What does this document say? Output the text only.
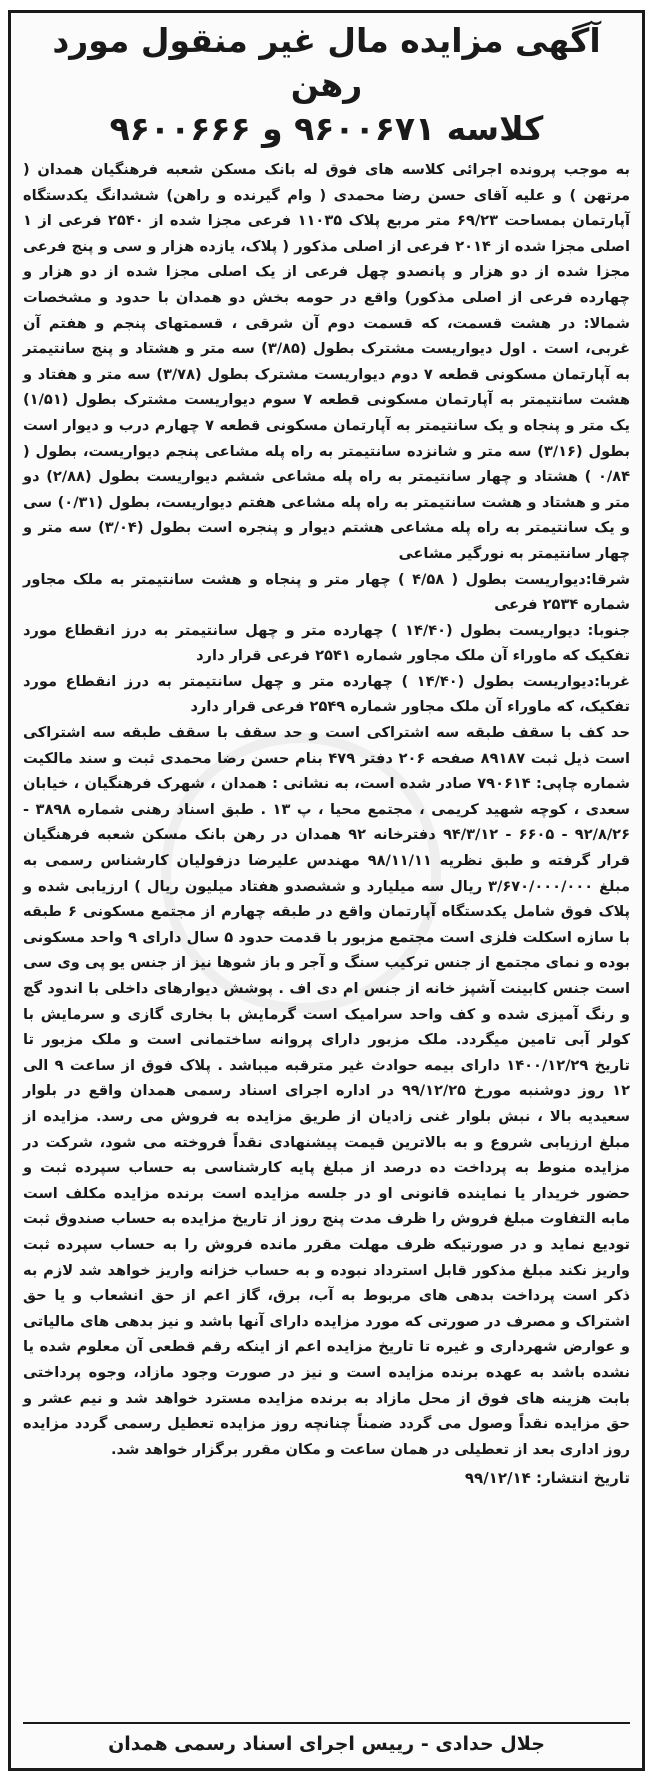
آگهی مزایده مال غیر منقول مورد رهن
کلاسه ۹۶۰۰۶۷۱ و ۹۶۰۰۶۶۶

به موجب پرونده اجرائی کلاسه های فوق له بانک مسکن شعبه فرهنگیان همدان ( مرتهن ) و علیه آقای حسن رضا محمدی ( وام گیرنده و راهن) ششدانگ یکدستگاه آپارتمان بمساحت ۶۹/۲۳ متر مربع پلاک ۱۱۰۳۵ فرعی مجزا شده از ۲۵۴۰ فرعی از ۱ اصلی مجزا شده از ۲۰۱۴ فرعی از اصلی مذکور ( پلاک، یازده هزار و سی و پنج فرعی مجزا شده از دو هزار و پانصدو چهل فرعی از یک اصلی مجزا شده از دو هزار و چهارده فرعی از اصلی مذکور) واقع در حومه بخش دو همدان با حدود و مشخصات شمالا: در هشت قسمت، که قسمت دوم آن شرقی ، قسمتهای پنجم و هفتم آن غربی، است . اول دیواریست مشترک بطول (۳/۸۵) سه متر و هشتاد و پنج سانتیمتر به آپارتمان مسکونی قطعه ۷ دوم دیواریست مشترک بطول (۳/۷۸) سه متر و هفتاد و هشت سانتیمتر به آپارتمان مسکونی قطعه ۷ سوم دیواریست مشترک بطول (۱/۵۱) یک متر و پنجاه و یک سانتیمتر به آپارتمان مسکونی قطعه ۷ چهارم درب و دیوار است بطول (۳/۱۶) سه متر و شانزده سانتیمتر به راه پله مشاعی پنجم دیواریست، بطول ( ۰/۸۴ ) هشتاد و چهار سانتیمتر به راه پله مشاعی ششم دیواریست بطول (۲/۸۸) دو متر و هشتاد و هشت سانتیمتر به راه پله مشاعی هفتم دیواریست، بطول (۰/۳۱) سی و یک سانتیمتر به راه پله مشاعی هشتم دیوار و پنجره است بطول (۳/۰۴) سه متر و چهار سانتیمتر به نورگیر مشاعی

شرقا:دیواریست بطول ( ۴/۵۸ ) چهار متر و پنجاه و هشت سانتیمتر به ملک مجاور شماره ۲۵۳۴ فرعی

جنوبا: دیواریست بطول (۱۴/۴۰ ) چهارده متر و چهل سانتیمتر به درز انقطاع مورد تفکیک که ماوراء آن ملک مجاور شماره ۲۵۴۱ فرعی قرار دارد

غربا:دیواریست بطول (۱۴/۴۰ ) چهارده متر و چهل سانتیمتر به درز انقطاع مورد تفکیک، که ماوراء آن ملک مجاور شماره ۲۵۴۹ فرعی قرار دارد

حد کف با سقف طبقه سه اشتراکی است و حد سقف با سقف طبقه سه اشتراکی است ذیل ثبت ۸۹۱۸۷ صفحه ۲۰۶ دفتر ۴۷۹ بنام حسن رضا محمدی ثبت و سند مالکیت شماره چاپی: ۷۹۰۶۱۴ صادر شده است، به نشانی : همدان ، شهرک فرهنگیان ، خیابان سعدی ، کوچه شهید کریمی ، مجتمع محیا ، پ ۱۳ . طبق اسناد رهنی شماره ۳۸۹۸ - ۹۲/۸/۲۶ - ۶۶۰۵ - ۹۴/۳/۱۲ دفترخانه ۹۲ همدان در رهن بانک مسکن شعبه فرهنگیان قرار گرفته و طبق نظریه ۹۸/۱۱/۱۱ مهندس علیرضا دزفولیان کارشناس رسمی به مبلغ ۳/۶۷۰/۰۰۰/۰۰۰ ریال سه میلیارد و ششصدو هفتاد میلیون ریال ) ارزیابی شده و پلاک فوق شامل یکدستگاه آپارتمان واقع در طبقه چهارم از مجتمع مسکونی ۶ طبقه با سازه اسکلت فلزی است مجتمع مزبور با قدمت حدود ۵ سال دارای ۹ واحد مسکونی بوده و نمای مجتمع از جنس ترکیب سنگ و آجر و باز شوها نیز از جنس یو پی وی سی است جنس کابینت آشپز خانه از جنس ام دی اف . پوشش دیوارهای داخلی با اندود گچ و رنگ آمیزی شده و کف واحد سرامیک است گرمایش با بخاری گازی و سرمایش با کولر آبی تامین میگردد. ملک مزبور دارای پروانه ساختمانی است و ملک مزبور تا تاریخ ۱۴۰۰/۱۲/۲۹ دارای بیمه حوادث غیر مترقبه میباشد . پلاک فوق از ساعت ۹ الی ۱۲ روز دوشنبه مورخ ۹۹/۱۲/۲۵ در اداره اجرای اسناد رسمی همدان واقع در بلوار سعیدیه بالا ، نبش بلوار غنی زادیان از طریق مزایده به فروش می رسد. مزایده از مبلغ ارزیابی شروع و به بالاترین قیمت پیشنهادی نقداً فروخته می شود، شرکت در مزایده منوط به پرداخت ده درصد از مبلغ پایه کارشناسی به حساب سپرده ثبت و حضور خریدار یا نماینده قانونی او در جلسه مزایده است برنده مزایده مکلف است مابه التفاوت مبلغ فروش را ظرف مدت پنج روز از تاریخ مزایده به حساب صندوق ثبت تودیع نماید و در صورتیکه ظرف مهلت مقرر مانده فروش را به حساب سپرده ثبت واریز نکند مبلغ مذکور قابل استرداد نبوده و به حساب خزانه واریز خواهد شد لازم به ذکر است پرداخت بدهی های مربوط به آب، برق، گاز اعم از حق انشعاب و یا حق اشتراک و مصرف در صورتی که مورد مزایده دارای آنها باشد و نیز بدهی های مالیاتی و عوارض شهرداری و غیره تا تاریخ مزایده اعم از اینکه رقم قطعی آن معلوم شده یا نشده باشد به عهده برنده مزایده است و نیز در صورت وجود مازاد، وجوه پرداختی بابت هزینه های فوق از محل مازاد به برنده مزایده مسترد خواهد شد و نیم عشر و حق مزایده نقداً وصول می گردد ضمناً چنانچه روز مزایده تعطیل رسمی گردد مزایده روز اداری بعد از تعطیلی در همان ساعت و مکان مقرر برگزار خواهد شد.

تاریخ انتشار: ۹۹/۱۲/۱۴
جلال حدادی - رییس اجرای اسناد رسمی همدان
